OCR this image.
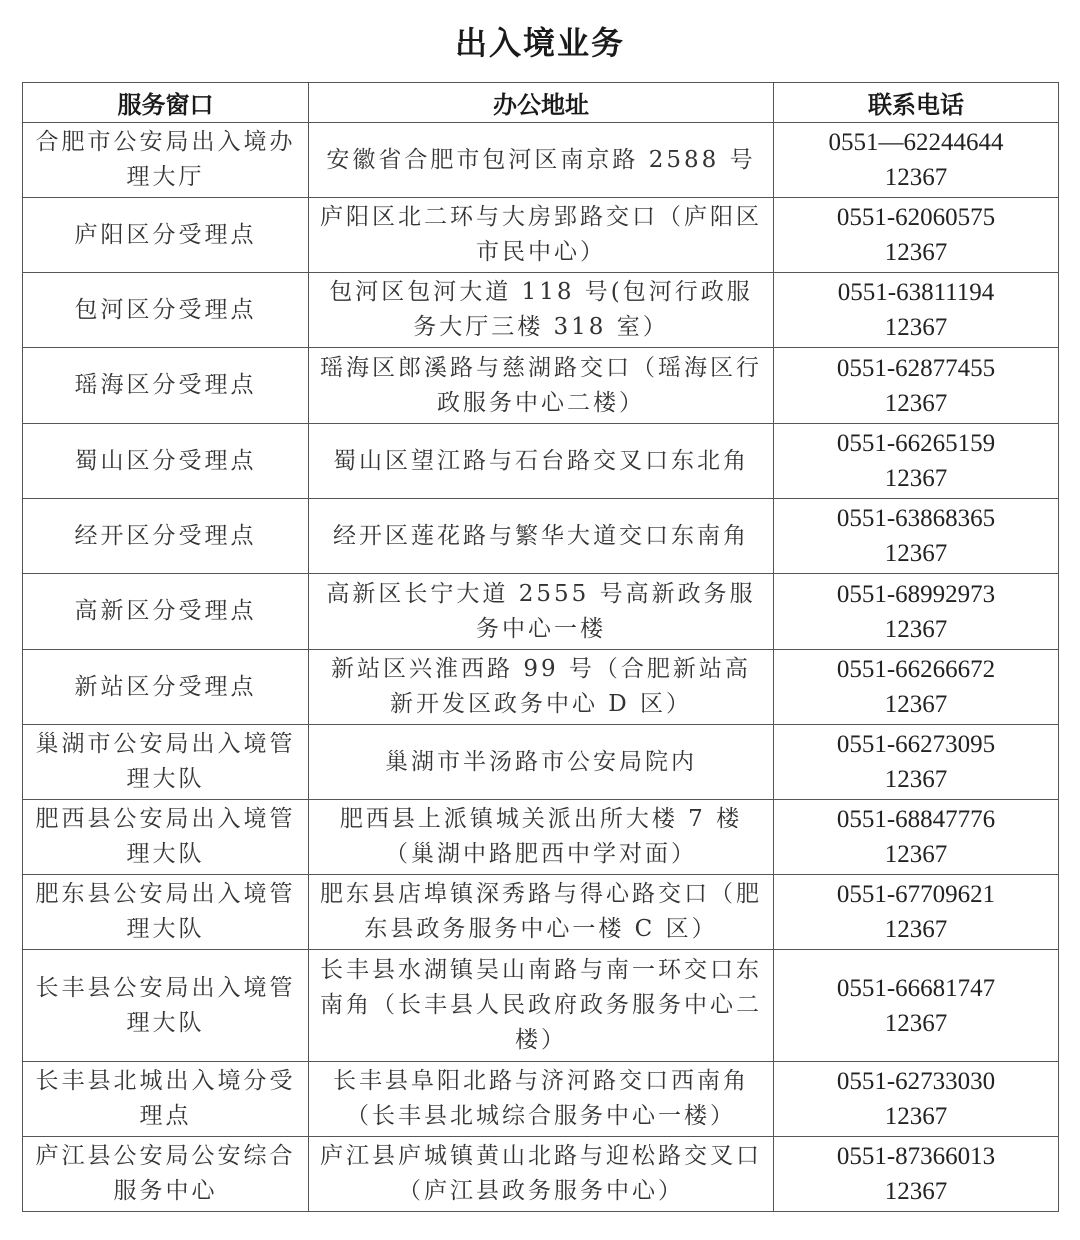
出入境业务
服务窗口	办公地址	联系电话
合肥市公安局出入境办理大厅	安徽省合肥市包河区南京路 2588 号	0551—62244644
12367

庐阳区分受理点	庐阳区北二环与大房郢路交口（庐阳区市民中心）	0551-62060575
12367

包河区分受理点	包河区包河大道 118 号(包河行政服务大厅三楼 318 室）	0551-63811194
12367

瑶海区分受理点	瑶海区郎溪路与慈湖路交口（瑶海区行政服务中心二楼）	0551-62877455
12367

蜀山区分受理点	蜀山区望江路与石台路交叉口东北角	0551-66265159
12367

经开区分受理点	经开区莲花路与繁华大道交口东南角	0551-63868365
12367

高新区分受理点	高新区长宁大道 2555 号高新政务服务中心一楼	0551-68992973
12367

新站区分受理点	新站区兴淮西路 99 号（合肥新站高新开发区政务中心 D 区）	0551-66266672
12367

巢湖市公安局出入境管理大队	巢湖市半汤路市公安局院内	0551-66273095
12367

肥西县公安局出入境管理大队	肥西县上派镇城关派出所大楼 7 楼（巢湖中路肥西中学对面）	0551-68847776
12367

肥东县公安局出入境管理大队	肥东县店埠镇深秀路与得心路交口（肥东县政务服务中心一楼 C 区）	0551-67709621
12367

长丰县公安局出入境管理大队	长丰县水湖镇吴山南路与南一环交口东南角（长丰县人民政府政务服务中心二楼）	0551-66681747
12367

长丰县北城出入境分受理点	长丰县阜阳北路与济河路交口西南角（长丰县北城综合服务中心一楼）	0551-62733030
12367

庐江县公安局公安综合服务中心	庐江县庐城镇黄山北路与迎松路交叉口（庐江县政务服务中心）	0551-87366013
12367
